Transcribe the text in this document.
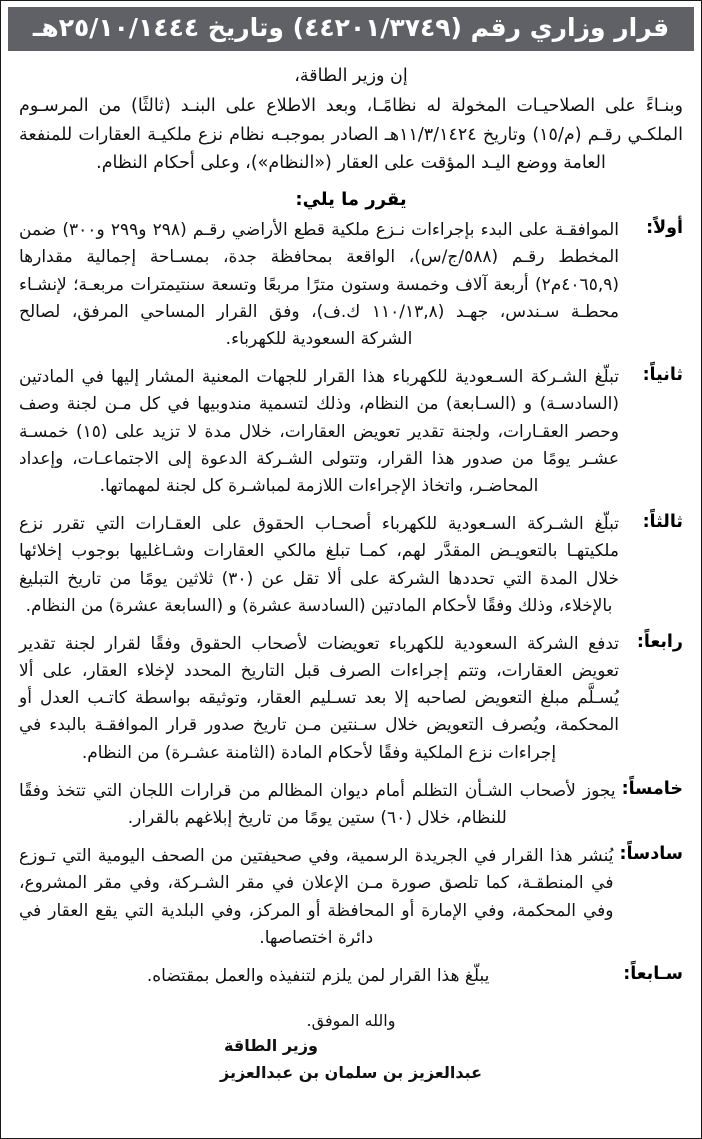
قرار وزاري رقم (٤٤٢٠١/٣٧٤٩) وتاريخ ٢٥/١٠/١٤٤٤هـ
إن وزير الطاقة،
وبنـاءً على الصلاحيـات المخولة له نظامًـا، وبعد الاطلاع على البنـد (ثالثًا) من المرسـوم الملكـي رقـم (م/١٥) وتاريخ ١١/٣/١٤٢٤هـ الصادر بموجبـه نظام نزع ملكيـة العقارات للمنفعة العامة ووضع اليـد المؤقت على العقار («النظام»)، وعلى أحكام النظام.
يقرر ما يلي:
أولاً:
الموافقـة على البدء بإجراءات نـزع ملكية قطع الأراضي رقـم (٢٩٨ و٢٩٩ و٣٠٠) ضمن المخطط رقـم (٥٨٨/ج/س)، الواقعة بمحافظة جدة، بمسـاحة إجمالية مقدارها (٤٠٦٥,٩م٢) أربعة آلاف وخمسة وستون مترًا مربعًا وتسعة سنتيمترات مربعـة؛ لإنشـاء محطـة سـندس، جهـد (١١٠/١٣,٨ ك.ف)، وفق القرار المساحي المرفق، لصالح الشركة السعودية للكهرباء.
ثانياً:
تبلّغ الشـركة السـعودية للكهرباء هذا القرار للجهات المعنية المشار إليها في المادتين (السادسـة) و (السـابعة) من النظام، وذلك لتسمية مندوبيها في كل مـن لجنة وصف وحصر العقـارات، ولجنة تقدير تعويض العقارات، خلال مدة لا تزيد على (١٥) خمسـة عشـر يومًا من صدور هذا القرار، وتتولى الشـركة الدعوة إلى الاجتماعـات، وإعداد المحاضـر، واتخاذ الإجراءات اللازمة لمباشـرة كل لجنة لمهماتها.
ثالثاً:
تبلّغ الشـركة السـعودية للكهرباء أصحـاب الحقوق على العقـارات التي تقرر نزع ملكيتهـا بالتعويـض المقدَّر لهم، كمـا تبلغ مالكي العقارات وشـاغليها بوجوب إخلائها خلال المدة التي تحددها الشركة على ألا تقل عن (٣٠) ثلاثين يومًا من تاريخ التبليغ بالإخلاء، وذلك وفقًا لأحكام المادتين (السادسة عشرة) و (السابعة عشرة) من النظام.
رابعاً:
تدفع الشركة السعودية للكهرباء تعويضات لأصحاب الحقوق وفقًا لقرار لجنة تقدير تعويض العقارات، وتتم إجراءات الصرف قبل التاريخ المحدد لإخلاء العقار، على ألا يُسـلَّم مبلغ التعويض لصاحبه إلا بعد تسـليم العقار، وتوثيقه بواسطة كاتـب العدل أو المحكمة، ويُصرف التعويض خلال سـنتين مـن تاريخ صدور قرار الموافقـة بالبدء في إجراءات نزع الملكية وفقًا لأحكام المادة (الثامنة عشـرة) من النظام.
خامساً:
يجوز لأصحاب الشـأن التظلم أمام ديوان المظالم من قرارات اللجان التي تتخذ وفقًا للنظام، خلال (٦٠) ستين يومًا من تاريخ إبلاغهم بالقرار.
سادساً:
يُنشر هذا القرار في الجريدة الرسمية، وفي صحيفتين من الصحف اليومية التي تـوزع في المنطقـة، كما تلصق صورة مـن الإعلان في مقر الشـركة، وفي مقر المشروع، وفي المحكمة، وفي الإمارة أو المحافظة أو المركز، وفي البلدية التي يقع العقار في دائرة اختصاصها.
سـابعاً:
يبلّغ هذا القرار لمن يلزم لتنفيذه والعمل بمقتضاه.
والله الموفق.
وزير الطاقة
عبدالعزيز بن سلمان بن عبدالعزيز
